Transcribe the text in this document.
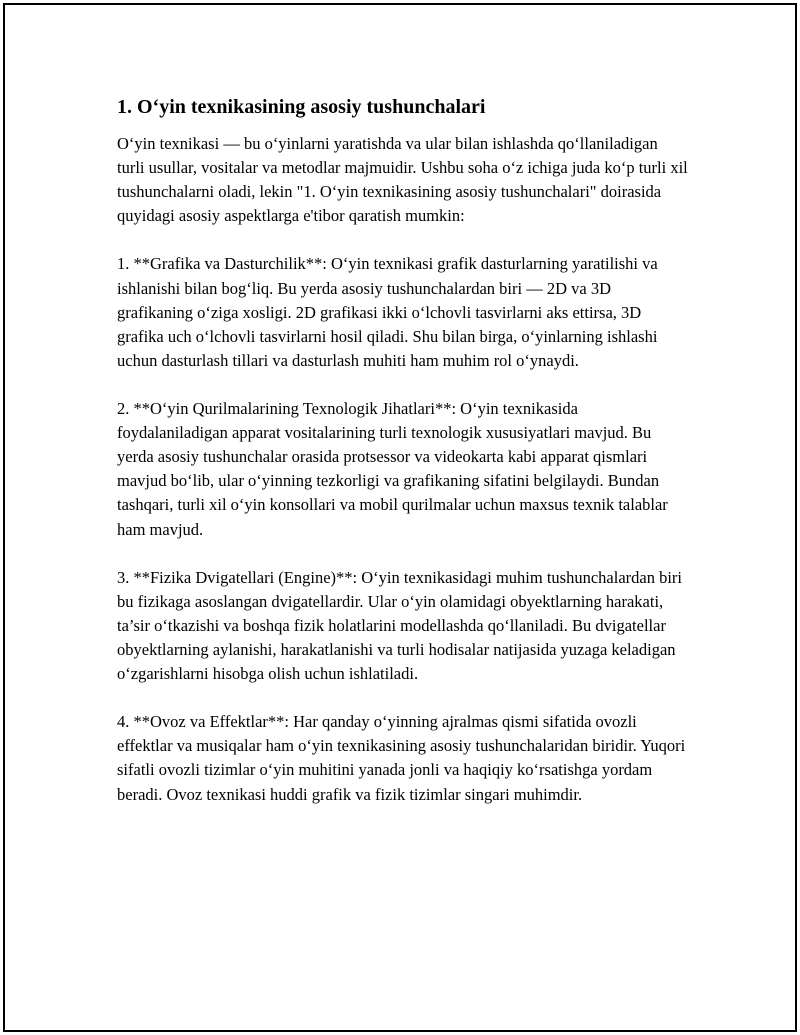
1. O‘yin texnikasining asosiy tushunchalari

O‘yin texnikasi — bu o‘yinlarni yaratishda va ular bilan ishlashda qo‘llaniladigan turli usullar, vositalar va metodlar majmuidir. Ushbu soha o‘z ichiga juda ko‘p turli xil tushunchalarni oladi, lekin "1. O‘yin texnikasining asosiy tushunchalari" doirasida quyidagi asosiy aspektlarga e'tibor qaratish mumkin:

1. **Grafika va Dasturchilik**: O‘yin texnikasi grafik dasturlarning yaratilishi va ishlanishi bilan bog‘liq. Bu yerda asosiy tushunchalardan biri — 2D va 3D grafikaning o‘ziga xosligi. 2D grafikasi ikki o‘lchovli tasvirlarni aks ettirsa, 3D grafika uch o‘lchovli tasvirlarni hosil qiladi. Shu bilan birga, o‘yinlarning ishlashi uchun dasturlash tillari va dasturlash muhiti ham muhim rol o‘ynaydi.

2. **O‘yin Qurilmalarining Texnologik Jihatlari**: O‘yin texnikasida foydalaniladigan apparat vositalarining turli texnologik xususiyatlari mavjud. Bu yerda asosiy tushunchalar orasida protsessor va videokarta kabi apparat qismlari mavjud bo‘lib, ular o‘yinning tezkorligi va grafikaning sifatini belgilaydi. Bundan tashqari, turli xil o‘yin konsollari va mobil qurilmalar uchun maxsus texnik talablar ham mavjud.

3. **Fizika Dvigatellari (Engine)**: O‘yin texnikasidagi muhim tushunchalardan biri bu fizikaga asoslangan dvigatellardir. Ular o‘yin olamidagi obyektlarning harakati, ta’sir o‘tkazishi va boshqa fizik holatlarini modellashda qo‘llaniladi. Bu dvigatellar obyektlarning aylanishi, harakatlanishi va turli hodisalar natijasida yuzaga keladigan o‘zgarishlarni hisobga olish uchun ishlatiladi.

4. **Ovoz va Effektlar**: Har qanday o‘yinning ajralmas qismi sifatida ovozli effektlar va musiqalar ham o‘yin texnikasining asosiy tushunchalaridan biridir. Yuqori sifatli ovozli tizimlar o‘yin muhitini yanada jonli va haqiqiy ko‘rsatishga yordam beradi. Ovoz texnikasi huddi grafik va fizik tizimlar singari muhimdir.
